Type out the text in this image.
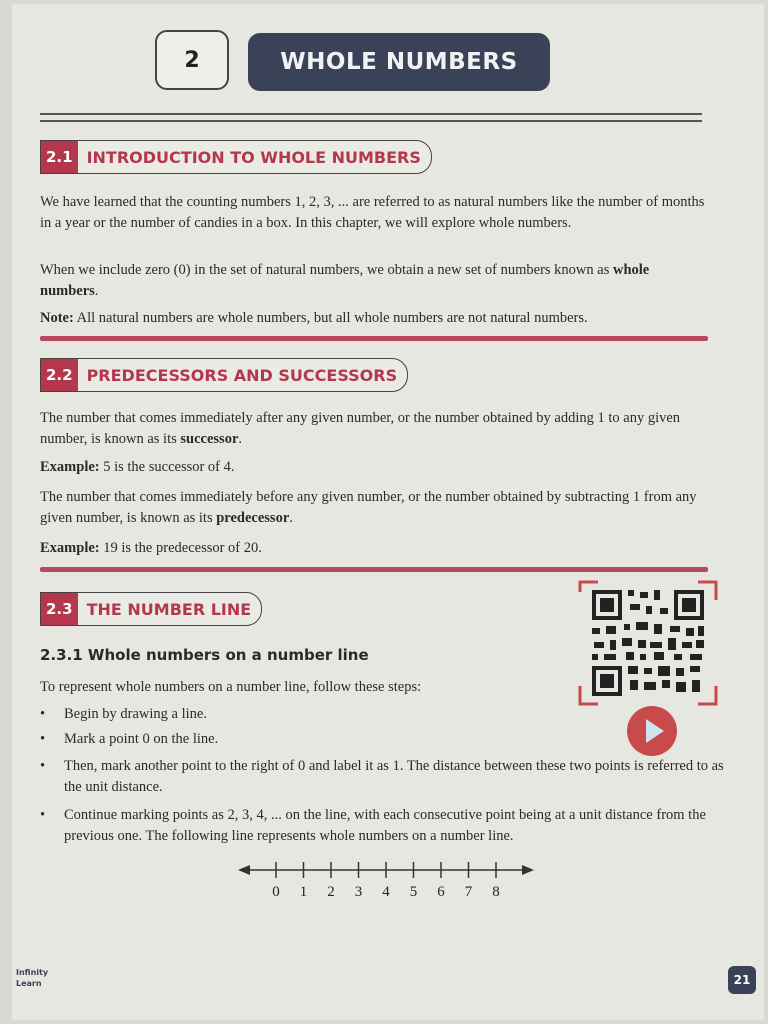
2	WHOLE NUMBERS
2.1 INTRODUCTION TO WHOLE NUMBERS
We have learned that the counting numbers 1, 2, 3, ... are referred to as natural numbers like the number of months in a year or the number of candies in a box. In this chapter, we will explore whole numbers.
When we include zero (0) in the set of natural numbers, we obtain a new set of numbers known as whole numbers.
Note: All natural numbers are whole numbers, but all whole numbers are not natural numbers.
2.2 PREDECESSORS AND SUCCESSORS
The number that comes immediately after any given number, or the number obtained by adding 1 to any given number, is known as its successor.
Example: 5 is the successor of 4.
The number that comes immediately before any given number, or the number obtained by subtracting 1 from any given number, is known as its predecessor.
Example: 19 is the predecessor of 20.
2.3 THE NUMBER LINE
2.3.1 Whole numbers on a number line
To represent whole numbers on a number line, follow these steps:
• Begin by drawing a line.
• Mark a point 0 on the line.
• Then, mark another point to the right of 0 and label it as 1. The distance between these two points is referred to as the unit distance.
• Continue marking points as 2, 3, 4, ... on the line, with each consecutive point being at a unit distance from the previous one. The following line represents whole numbers on a number line.
0 1 2 3 4 5 6 7 8
Infinity
Learn	21
